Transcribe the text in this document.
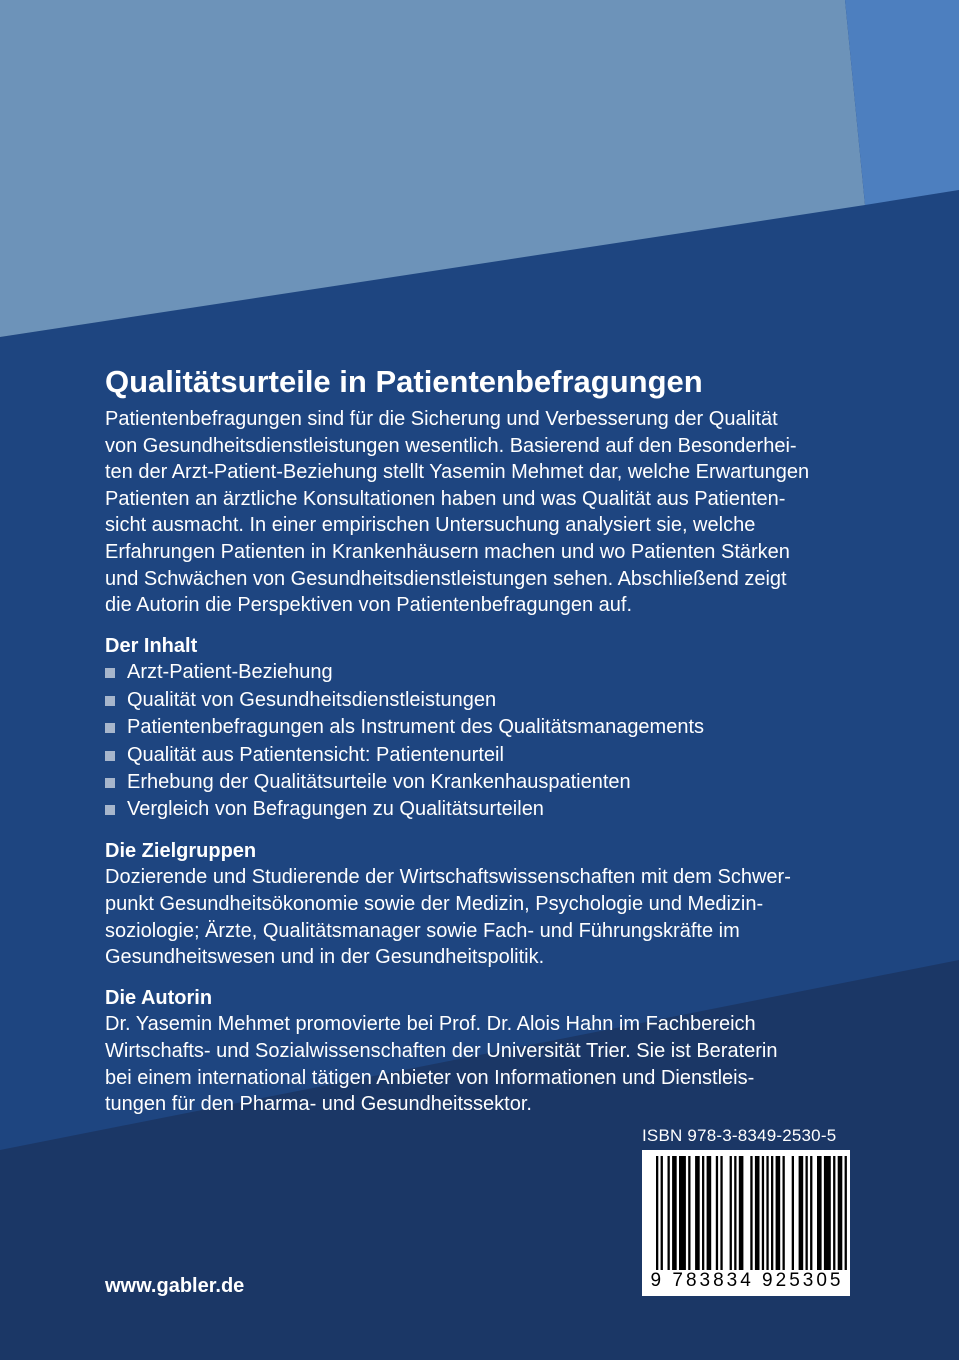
Qualitätsurteile in Patientenbefragungen
Patientenbefragungen sind für die Sicherung und Verbesserung der Qualität
von Gesundheitsdienstleistungen wesentlich. Basierend auf den Besonderhei-
ten der Arzt-Patient-Beziehung stellt Yasemin Mehmet dar, welche Erwartungen
Patienten an ärztliche Konsultationen haben und was Qualität aus Patienten-
sicht ausmacht. In einer empirischen Untersuchung analysiert sie, welche
Erfahrungen Patienten in Krankenhäusern machen und wo Patienten Stärken
und Schwächen von Gesundheitsdienstleistungen sehen. Abschließend zeigt
die Autorin die Perspektiven von Patientenbefragungen auf.
Der Inhalt
Arzt-Patient-Beziehung
Qualität von Gesundheitsdienstleistungen
Patientenbefragungen als Instrument des Qualitätsmanagements
Qualität aus Patientensicht: Patientenurteil
Erhebung der Qualitätsurteile von Krankenhauspatienten
Vergleich von Befragungen zu Qualitätsurteilen
Die Zielgruppen
Dozierende und Studierende der Wirtschaftswissenschaften mit dem Schwer-
punkt Gesundheitsökonomie sowie der Medizin, Psychologie und Medizin-
soziologie; Ärzte, Qualitätsmanager sowie Fach- und Führungskräfte im
Gesundheitswesen und in der Gesundheitspolitik.
Die Autorin
Dr. Yasemin Mehmet promovierte bei Prof. Dr. Alois Hahn im Fachbereich
Wirtschafts- und Sozialwissenschaften der Universität Trier. Sie ist Beraterin
bei einem international tätigen Anbieter von Informationen und Dienstleis-
tungen für den Pharma- und Gesundheitssektor.
ISBN 978-3-8349-2530-5
9 783834 925305
www.gabler.de
